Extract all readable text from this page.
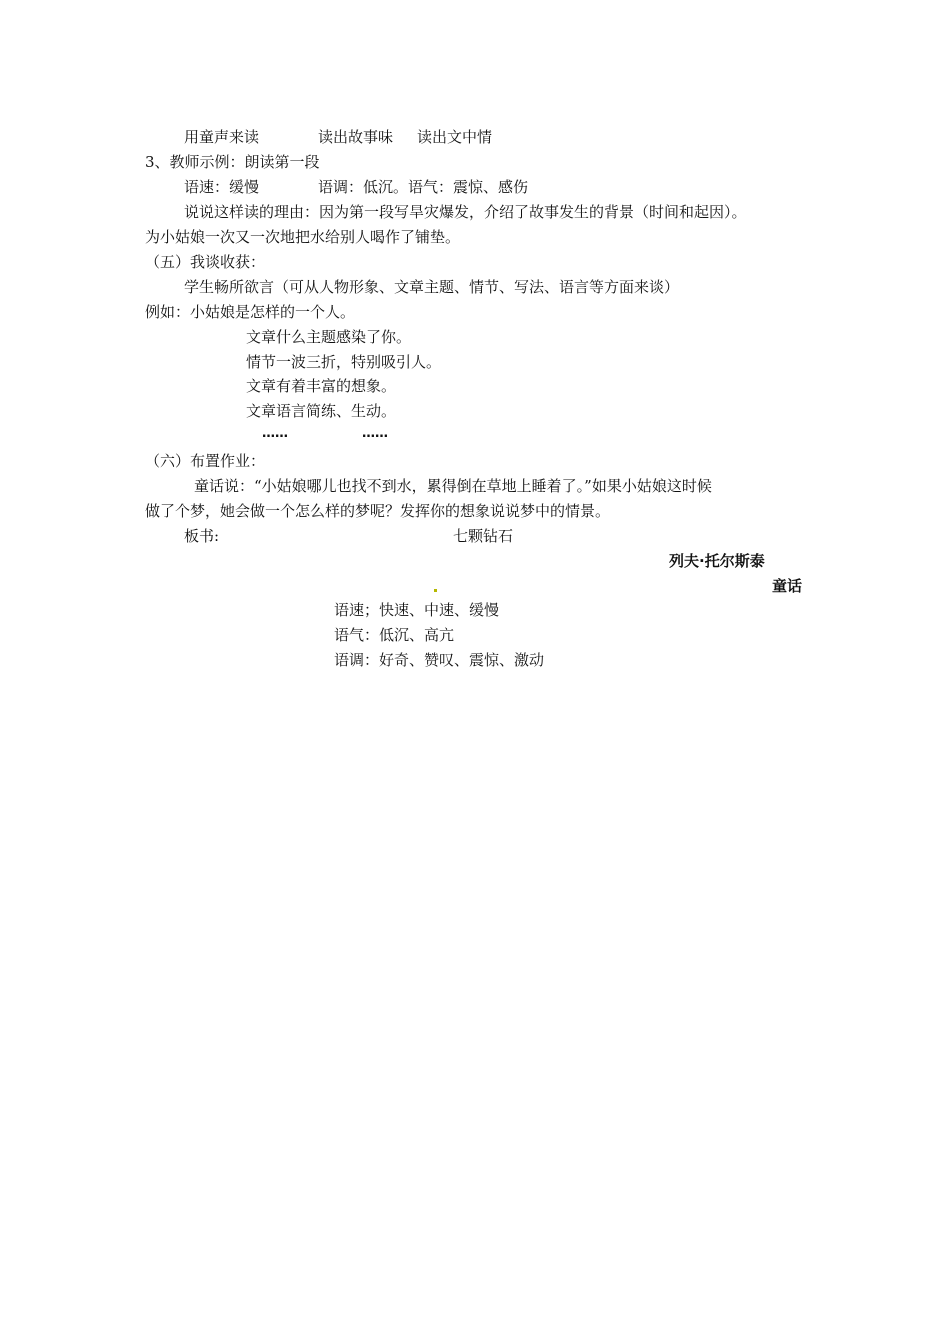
用童声来读	读出故事味 读出文中情
3、教师示例：朗读第一段
语速：缓慢	语调：低沉。语气：震惊、感伤
说说这样读的理由：因为第一段写旱灾爆发，介绍了故事发生的背景（时间和起因）。
为小姑娘一次又一次地把水给别人喝作了铺垫。
（五）我谈收获：
学生畅所欲言（可从人物形象、文章主题、情节、写法、语言等方面来谈）
例如：小姑娘是怎样的一个人。
文章什么主题感染了你。
情节一波三折，特别吸引人。
文章有着丰富的想象。
文章语言简练、生动。
……	……
（六）布置作业：
童话说：“小姑娘哪儿也找不到水，累得倒在草地上睡着了。”如果小姑娘这时候
做了个梦，她会做一个怎么样的梦呢？发挥你的想象说说梦中的情景。
板书:	七颗钻石
列夫·托尔斯泰
童话
语速；快速、中速、缓慢
语气：低沉、高亢
语调：好奇、赞叹、震惊、激动
